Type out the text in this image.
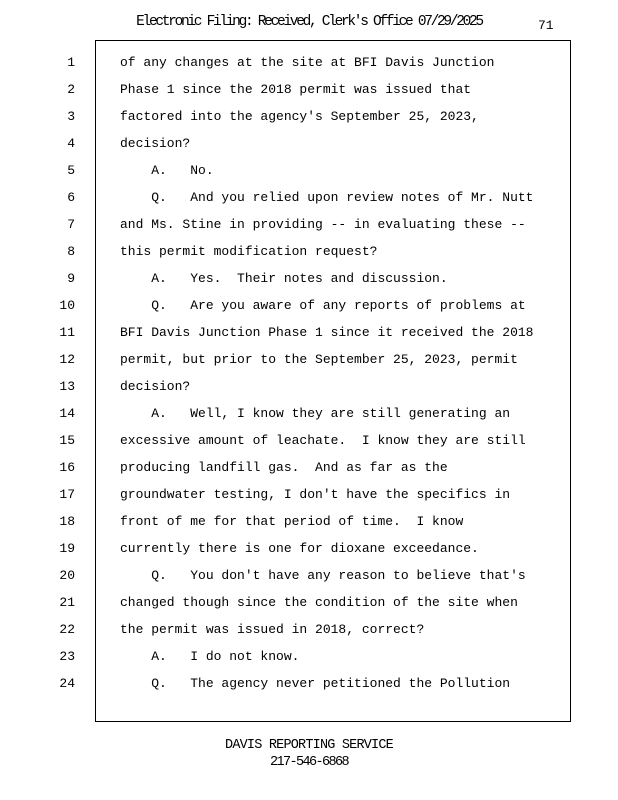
Electronic Filing: Received, Clerk's Office 07/29/2025	71
1	of any changes at the site at BFI Davis Junction
2	Phase 1 since the 2018 permit was issued that
3	factored into the agency's September 25, 2023,
4	decision?
5	A.   No.
6	Q.   And you relied upon review notes of Mr. Nutt
7	and Ms. Stine in providing -- in evaluating these --
8	this permit modification request?
9	A.   Yes.  Their notes and discussion.
10	Q.   Are you aware of any reports of problems at
11	BFI Davis Junction Phase 1 since it received the 2018
12	permit, but prior to the September 25, 2023, permit
13	decision?
14	A.   Well, I know they are still generating an
15	excessive amount of leachate.  I know they are still
16	producing landfill gas.  And as far as the
17	groundwater testing, I don't have the specifics in
18	front of me for that period of time.  I know
19	currently there is one for dioxane exceedance.
20	Q.   You don't have any reason to believe that's
21	changed though since the condition of the site when
22	the permit was issued in 2018, correct?
23	A.   I do not know.
24	Q.   The agency never petitioned the Pollution
DAVIS REPORTING SERVICE
217-546-6868
